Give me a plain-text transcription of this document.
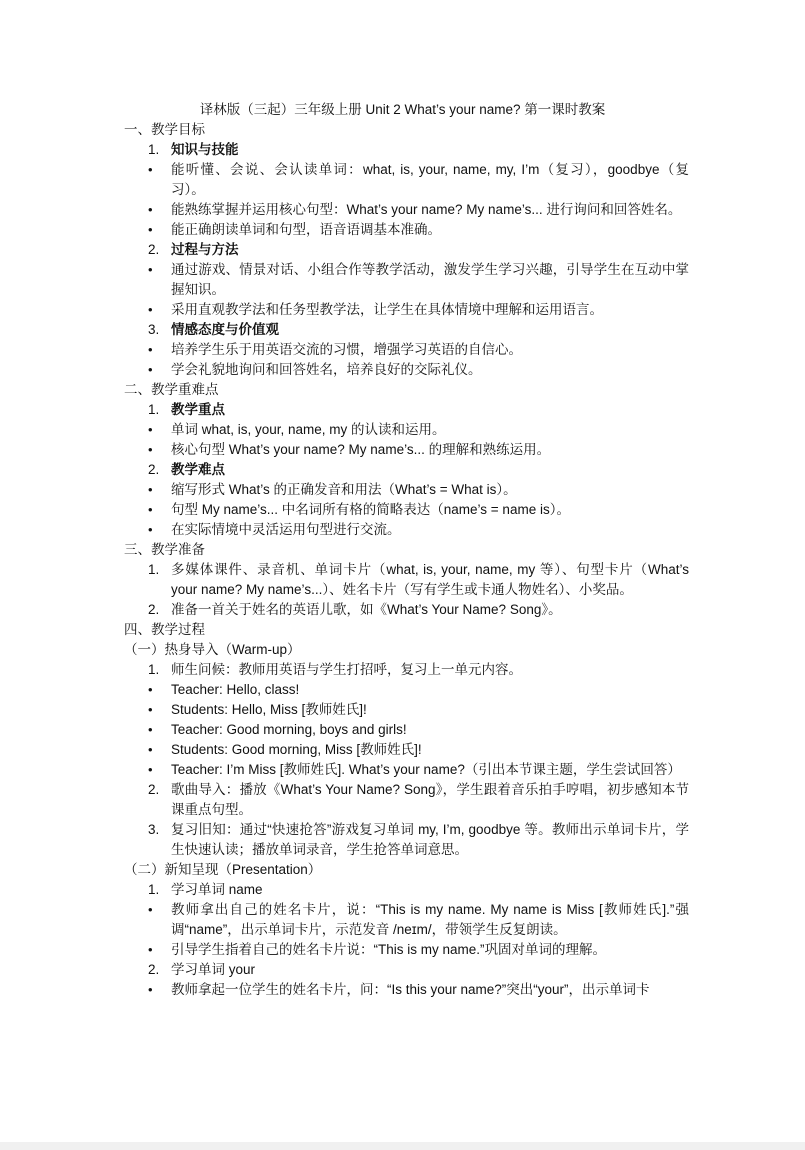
译林版（三起）三年级上册 Unit 2 What’s your name? 第一课时教案
一、教学目标
1. 知识与技能
• 能听懂、会说、会认读单词：what, is, your, name, my, I’m（复习），goodbye（复习）。
• 能熟练掌握并运用核心句型：What’s your name? My name’s... 进行询问和回答姓名。
• 能正确朗读单词和句型，语音语调基本准确。
2. 过程与方法
• 通过游戏、情景对话、小组合作等教学活动，激发学生学习兴趣，引导学生在互动中掌握知识。
• 采用直观教学法和任务型教学法，让学生在具体情境中理解和运用语言。
3. 情感态度与价值观
• 培养学生乐于用英语交流的习惯，增强学习英语的自信心。
• 学会礼貌地询问和回答姓名，培养良好的交际礼仪。
二、教学重难点
1. 教学重点
• 单词 what, is, your, name, my 的认读和运用。
• 核心句型 What’s your name? My name’s... 的理解和熟练运用。
2. 教学难点
• 缩写形式 What’s 的正确发音和用法（What’s = What is）。
• 句型 My name’s... 中名词所有格的简略表达（name’s = name is）。
• 在实际情境中灵活运用句型进行交流。
三、教学准备
1. 多媒体课件、录音机、单词卡片（what, is, your, name, my 等）、句型卡片（What’s your name? My name’s...）、姓名卡片（写有学生或卡通人物姓名）、小奖品。
2. 准备一首关于姓名的英语儿歌，如《What’s Your Name? Song》。
四、教学过程
（一）热身导入（Warm-up）
1. 师生问候：教师用英语与学生打招呼，复习上一单元内容。
• Teacher: Hello, class!
• Students: Hello, Miss [教师姓氏]!
• Teacher: Good morning, boys and girls!
• Students: Good morning, Miss [教师姓氏]!
• Teacher: I’m Miss [教师姓氏]. What’s your name?（引出本节课主题，学生尝试回答）
2. 歌曲导入：播放《What’s Your Name? Song》，学生跟着音乐拍手哼唱，初步感知本节课重点句型。
3. 复习旧知：通过“快速抢答”游戏复习单词 my, I’m, goodbye 等。教师出示单词卡片，学生快速认读；播放单词录音，学生抢答单词意思。
（二）新知呈现（Presentation）
1. 学习单词 name
• 教师拿出自己的姓名卡片，说：“This is my name. My name is Miss [教师姓氏].”强调“name”，出示单词卡片，示范发音 /neɪm/，带领学生反复朗读。
• 引导学生指着自己的姓名卡片说：“This is my name.”巩固对单词的理解。
2. 学习单词 your
• 教师拿起一位学生的姓名卡片，问：“Is this your name?”突出“your”，出示单词卡
